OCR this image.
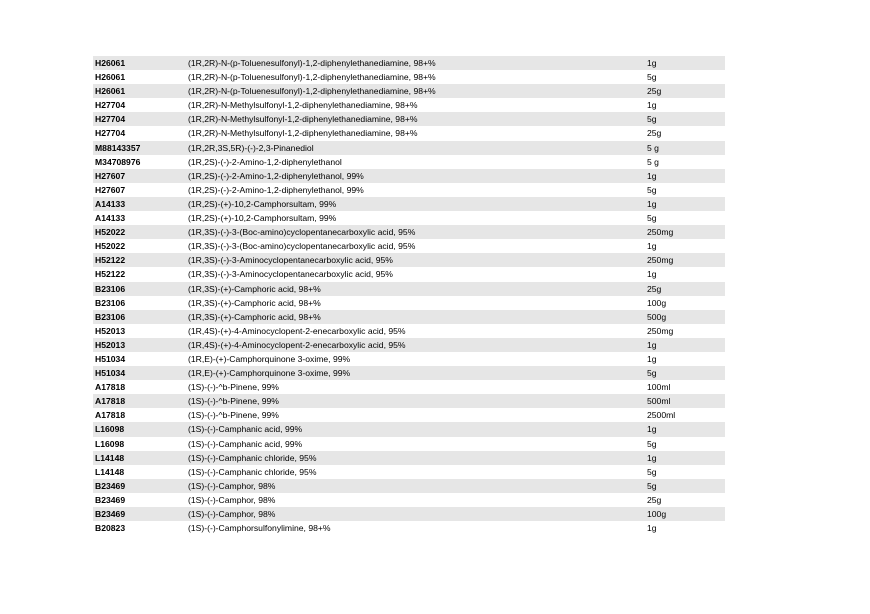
H26061	(1R,2R)-N-(p-Toluenesulfonyl)-1,2-diphenylethanediamine, 98+%	1g
H26061	(1R,2R)-N-(p-Toluenesulfonyl)-1,2-diphenylethanediamine, 98+%	5g
H26061	(1R,2R)-N-(p-Toluenesulfonyl)-1,2-diphenylethanediamine, 98+%	25g
H27704	(1R,2R)-N-Methylsulfonyl-1,2-diphenylethanediamine, 98+%	1g
H27704	(1R,2R)-N-Methylsulfonyl-1,2-diphenylethanediamine, 98+%	5g
H27704	(1R,2R)-N-Methylsulfonyl-1,2-diphenylethanediamine, 98+%	25g
M88143357	(1R,2R,3S,5R)-(-)-2,3-Pinanediol	5 g
M34708976	(1R,2S)-(-)-2-Amino-1,2-diphenylethanol	5 g
H27607	(1R,2S)-(-)-2-Amino-1,2-diphenylethanol, 99%	1g
H27607	(1R,2S)-(-)-2-Amino-1,2-diphenylethanol, 99%	5g
A14133	(1R,2S)-(+)-10,2-Camphorsultam, 99%	1g
A14133	(1R,2S)-(+)-10,2-Camphorsultam, 99%	5g
H52022	(1R,3S)-(-)-3-(Boc-amino)cyclopentanecarboxylic acid, 95%	250mg
H52022	(1R,3S)-(-)-3-(Boc-amino)cyclopentanecarboxylic acid, 95%	1g
H52122	(1R,3S)-(-)-3-Aminocyclopentanecarboxylic acid, 95%	250mg
H52122	(1R,3S)-(-)-3-Aminocyclopentanecarboxylic acid, 95%	1g
B23106	(1R,3S)-(+)-Camphoric acid, 98+%	25g
B23106	(1R,3S)-(+)-Camphoric acid, 98+%	100g
B23106	(1R,3S)-(+)-Camphoric acid, 98+%	500g
H52013	(1R,4S)-(+)-4-Aminocyclopent-2-enecarboxylic acid, 95%	250mg
H52013	(1R,4S)-(+)-4-Aminocyclopent-2-enecarboxylic acid, 95%	1g
H51034	(1R,E)-(+)-Camphorquinone 3-oxime, 99%	1g
H51034	(1R,E)-(+)-Camphorquinone 3-oxime, 99%	5g
A17818	(1S)-(-)-^b-Pinene, 99%	100ml
A17818	(1S)-(-)-^b-Pinene, 99%	500ml
A17818	(1S)-(-)-^b-Pinene, 99%	2500ml
L16098	(1S)-(-)-Camphanic acid, 99%	1g
L16098	(1S)-(-)-Camphanic acid, 99%	5g
L14148	(1S)-(-)-Camphanic chloride, 95%	1g
L14148	(1S)-(-)-Camphanic chloride, 95%	5g
B23469	(1S)-(-)-Camphor, 98%	5g
B23469	(1S)-(-)-Camphor, 98%	25g
B23469	(1S)-(-)-Camphor, 98%	100g
B20823	(1S)-(-)-Camphorsulfonylimine, 98+%	1g
